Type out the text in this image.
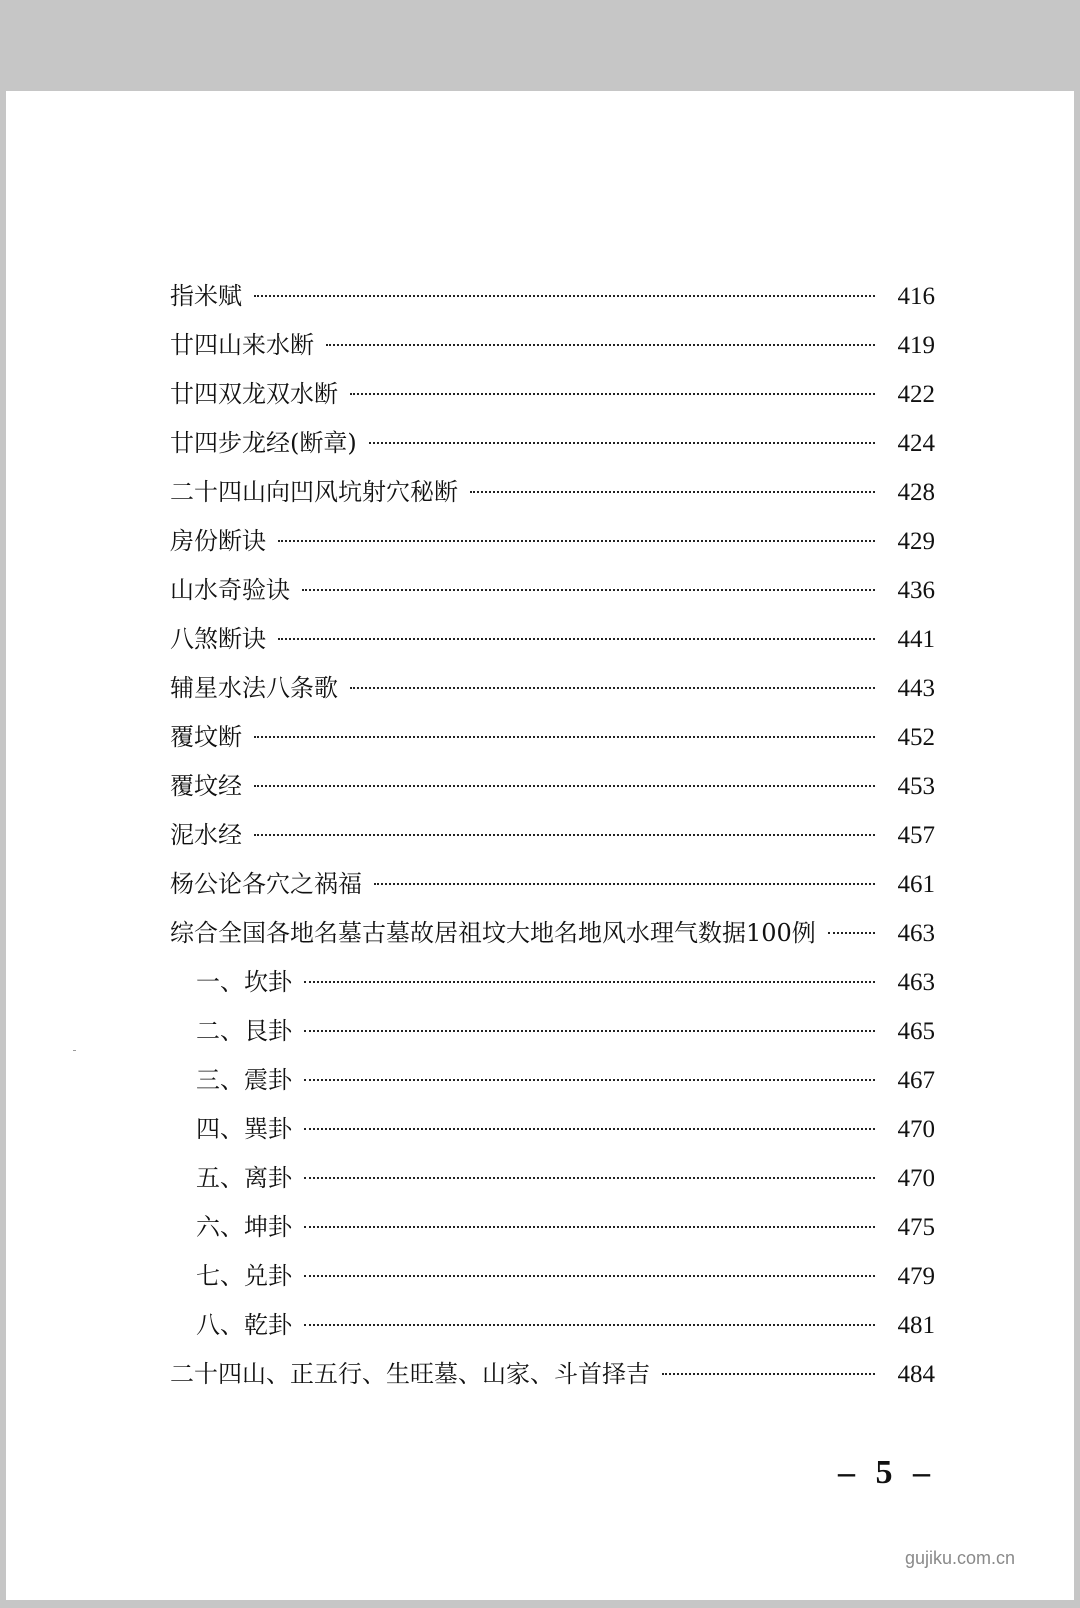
指米赋	416
廿四山来水断	419
廿四双龙双水断	422
廿四步龙经(断章)	424
二十四山向凹风坑射穴秘断	428
房份断诀	429
山水奇验诀	436
八煞断诀	441
辅星水法八条歌	443
覆坟断	452
覆坟经	453
泥水经	457
杨公论各穴之祸福	461
综合全国各地名墓古墓故居祖坟大地名地风水理气数据100例	463
一、坎卦	463
二、艮卦	465
三、震卦	467
四、巽卦	470
五、离卦	470
六、坤卦	475
七、兑卦	479
八、乾卦	481
二十四山、正五行、生旺墓、山家、斗首择吉	484
– 5 –
gujiku.com.cn
